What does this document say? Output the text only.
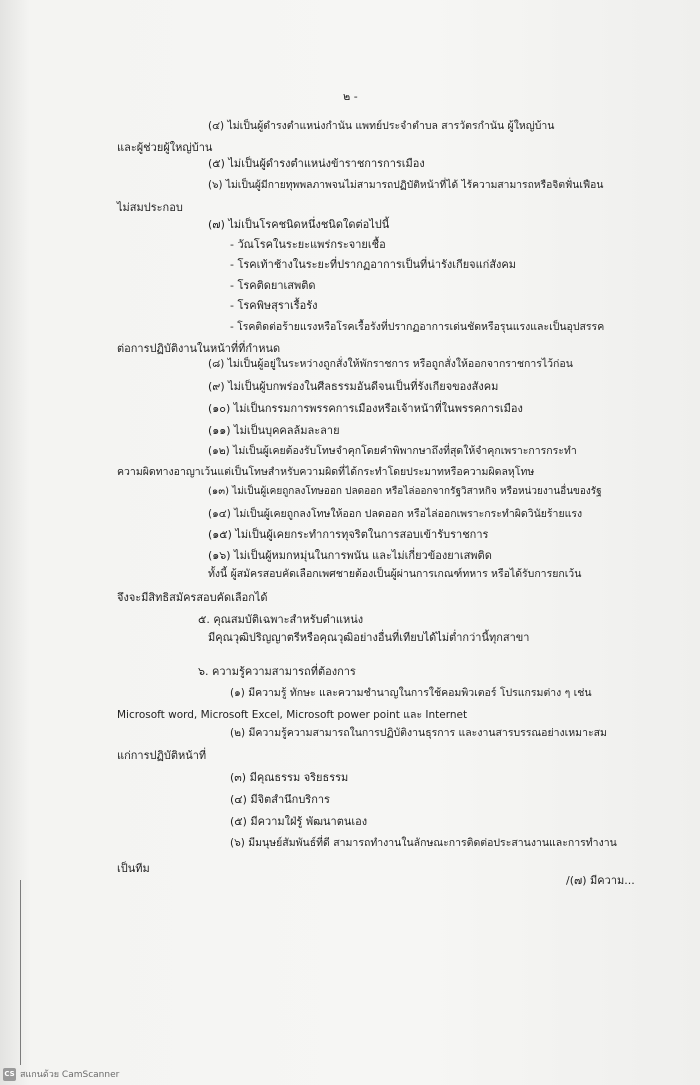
๒ -
(๔) ไม่เป็นผู้ดำรงตำแหน่งกำนัน แพทย์ประจำตำบล สารวัตรกำนัน ผู้ใหญ่บ้าน
และผู้ช่วยผู้ใหญ่บ้าน
(๕) ไม่เป็นผู้ดำรงตำแหน่งข้าราชการการเมือง
(๖) ไม่เป็นผู้มีกายทุพพลภาพจนไม่สามารถปฏิบัติหน้าที่ได้ ไร้ความสามารถหรือจิตฟั่นเฟือน
ไม่สมประกอบ
(๗) ไม่เป็นโรคชนิดหนึ่งชนิดใดต่อไปนี้
- วัณโรคในระยะแพร่กระจายเชื้อ
- โรคเท้าช้างในระยะที่ปรากฏอาการเป็นที่น่ารังเกียจแก่สังคม
- โรคติดยาเสพติด
- โรคพิษสุราเรื้อรัง
- โรคติดต่อร้ายแรงหรือโรคเรื้อรังที่ปรากฏอาการเด่นชัดหรือรุนแรงและเป็นอุปสรรค
ต่อการปฏิบัติงานในหน้าที่ที่กำหนด
(๘) ไม่เป็นผู้อยู่ในระหว่างถูกสั่งให้พักราชการ หรือถูกสั่งให้ออกจากราชการไว้ก่อน
(๙) ไม่เป็นผู้บกพร่องในศีลธรรมอันดีจนเป็นที่รังเกียจของสังคม
(๑๐) ไม่เป็นกรรมการพรรคการเมืองหรือเจ้าหน้าที่ในพรรคการเมือง
(๑๑) ไม่เป็นบุคคลล้มละลาย
(๑๒) ไม่เป็นผู้เคยต้องรับโทษจำคุกโดยคำพิพากษาถึงที่สุดให้จำคุกเพราะการกระทำ
ความผิดทางอาญาเว้นแต่เป็นโทษสำหรับความผิดที่ได้กระทำโดยประมาทหรือความผิดลหุโทษ
(๑๓) ไม่เป็นผู้เคยถูกลงโทษออก ปลดออก หรือไล่ออกจากรัฐวิสาหกิจ หรือหน่วยงานอื่นของรัฐ
(๑๔) ไม่เป็นผู้เคยถูกลงโทษให้ออก ปลดออก หรือไล่ออกเพราะกระทำผิดวินัยร้ายแรง
(๑๕) ไม่เป็นผู้เคยกระทำการทุจริตในการสอบเข้ารับราชการ
(๑๖) ไม่เป็นผู้หมกหมุ่นในการพนัน และไม่เกี่ยวข้องยาเสพติด
ทั้งนี้ ผู้สมัครสอบคัดเลือกเพศชายต้องเป็นผู้ผ่านการเกณฑ์ทหาร หรือได้รับการยกเว้น
จึงจะมีสิทธิสมัครสอบคัดเลือกได้
๕. คุณสมบัติเฉพาะสำหรับตำแหน่ง
มีคุณวุฒิปริญญาตรีหรือคุณวุฒิอย่างอื่นที่เทียบได้ไม่ต่ำกว่านี้ทุกสาขา
๖. ความรู้ความสามารถที่ต้องการ
(๑) มีความรู้ ทักษะ และความชำนาญในการใช้คอมพิวเตอร์ โปรแกรมต่าง ๆ เช่น
Microsoft word, Microsoft Excel, Microsoft power point และ Internet
(๒) มีความรู้ความสามารถในการปฏิบัติงานธุรการ และงานสารบรรณอย่างเหมาะสม
แก่การปฏิบัติหน้าที่
(๓) มีคุณธรรม จริยธรรม
(๔) มีจิตสำนึกบริการ
(๕) มีความใฝ่รู้ พัฒนาตนเอง
(๖) มีมนุษย์สัมพันธ์ที่ดี สามารถทำงานในลักษณะการติดต่อประสานงานและการทำงาน
เป็นทีม
/(๗) มีความ...
CS สแกนด้วย CamScanner
